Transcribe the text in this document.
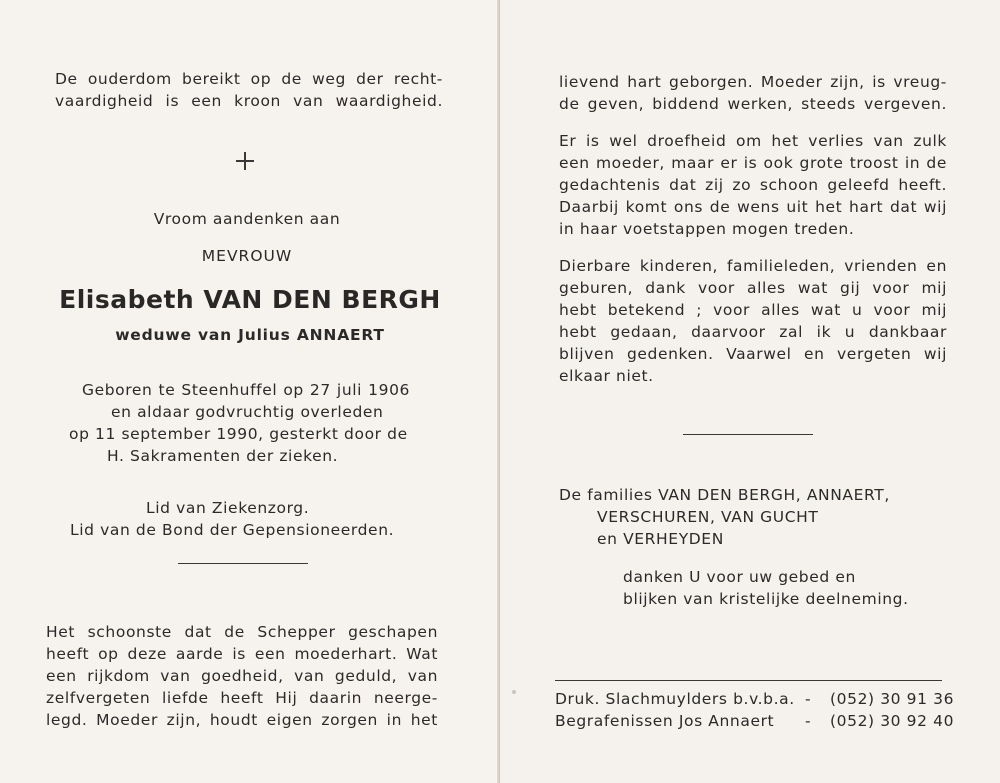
De ouderdom bereikt op de weg der recht-
vaardigheid is een kroon van waardigheid.
Vroom aandenken aan
MEVROUW
Elisabeth VAN DEN BERGH
weduwe van Julius ANNAERT
Geboren te Steenhuffel op 27 juli 1906
en aldaar godvruchtig overleden
op 11 september 1990, gesterkt door de
H. Sakramenten der zieken.
Lid van Ziekenzorg.
Lid van de Bond der Gepensioneerden.
Het schoonste dat de Schepper geschapen
heeft op deze aarde is een moederhart. Wat
een rijkdom van goedheid, van geduld, van
zelfvergeten liefde heeft Hij daarin neerge-
legd. Moeder zijn, houdt eigen zorgen in het
lievend hart geborgen. Moeder zijn, is vreug-
de geven, biddend werken, steeds vergeven.
Er is wel droefheid om het verlies van zulk
een moeder, maar er is ook grote troost in de
gedachtenis dat zij zo schoon geleefd heeft.
Daarbij komt ons de wens uit het hart dat wij
in haar voetstappen mogen treden.
Dierbare kinderen, familieleden, vrienden en
geburen, dank voor alles wat gij voor mij
hebt betekend ; voor alles wat u voor mij
hebt gedaan, daarvoor zal ik u dankbaar
blijven gedenken. Vaarwel en vergeten wij
elkaar niet.
De families VAN DEN BERGH, ANNAERT,
VERSCHUREN, VAN GUCHT
en VERHEYDEN
danken U voor uw gebed en
blijken van kristelijke deelneming.
Druk. Slachmuylders b.v.b.a. - (052) 30 91 36
Begrafenissen Jos Annaert - (052) 30 92 40
